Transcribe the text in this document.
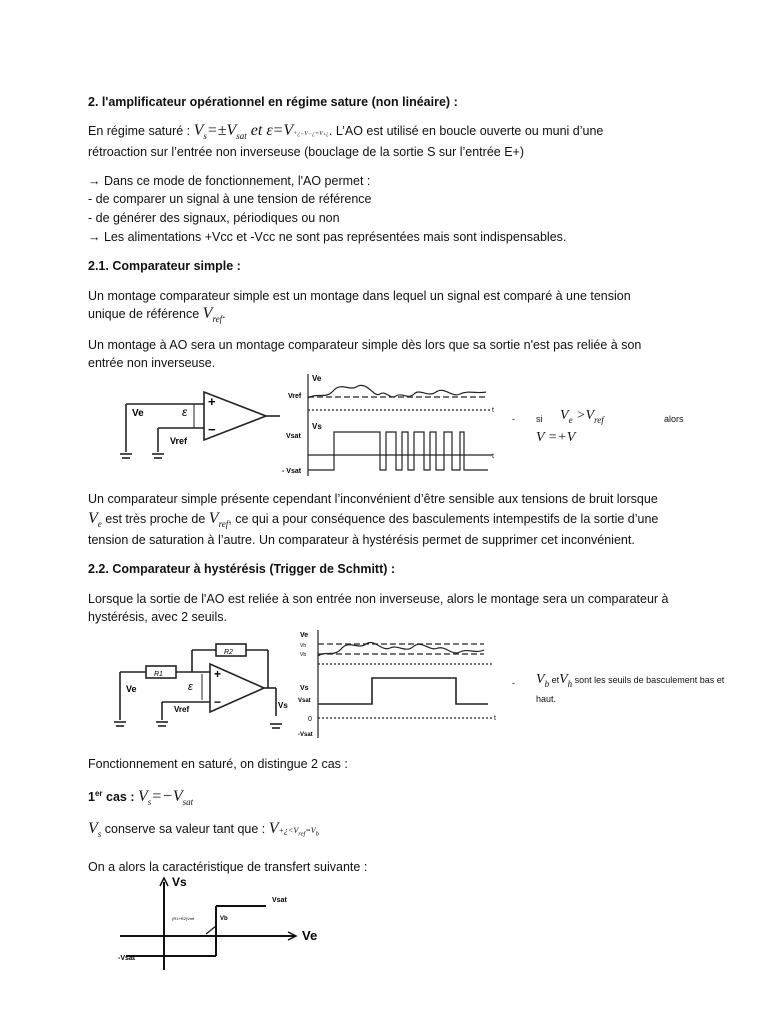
2. l'amplificateur opérationnel en régime sature (non linéaire) :
En régime saturé : $V_s=\pm V_{sat}$ et ε=V+¿−V−¿=V₊¿. L’AO est utilisé en boucle ouverte ou muni d’une
rétroaction sur l’entrée non inverseuse (bouclage de la sortie S sur l’entrée E+)
→ Dans ce mode de fonctionnement, l'AO permet :
- de comparer un signal à une tension de référence
- de générer des signaux, périodiques ou non
→ Les alimentations +Vcc et -Vcc ne sont pas représentées mais sont indispensables.
2.1. Comparateur simple :
Un montage comparateur simple est un montage dans lequel un signal est comparé à une tension
unique de référence $V_{ref}$.
Un montage à AO sera un montage comparateur simple dès lors que sa sortie n'est pas reliée à son
entrée non inverseuse.
Ve	ε
+
−
Vref
Ve
Vref
Vs
Vsat
- Vsat
t
t
- si $V_e >V_{ref}$	alors
V =+V
Un comparateur simple présente cependant l’inconvénient d’être sensible aux tensions de bruit lorsque
$V_e$ est très proche de $V_{ref}$, ce qui a pour conséquence des basculements intempestifs de la sortie d’une
tension de saturation à l’autre. Un comparateur à hystérésis permet de supprimer cet inconvénient.
2.2. Comparateur à hystérésis (Trigger de Schmitt) :
Lorsque la sortie de l'AO est reliée à son entrée non inverseuse, alors le montage sera un comparateur à
hystérésis, avec 2 seuils.
R1
R2
Ve	ε
+
−
Vref	Vs
Ve
Vh
Vb
Vs
Vsat
0
-Vsat
t
- $V_b$ etV$_h$ sont les seuils de basculement bas et
haut.
Fonctionnement en saturé, on distingue 2 cas :
1er cas : $V_s=-V_{sat}$
$V_s$ conserve sa valeur tant que : $V+¿<V_{ref}=V_b$
On a alors la caractéristique de transfert suivante :
Vs
Vsat
Ve
-Vsat
Vb
(R1+R2)Vref
